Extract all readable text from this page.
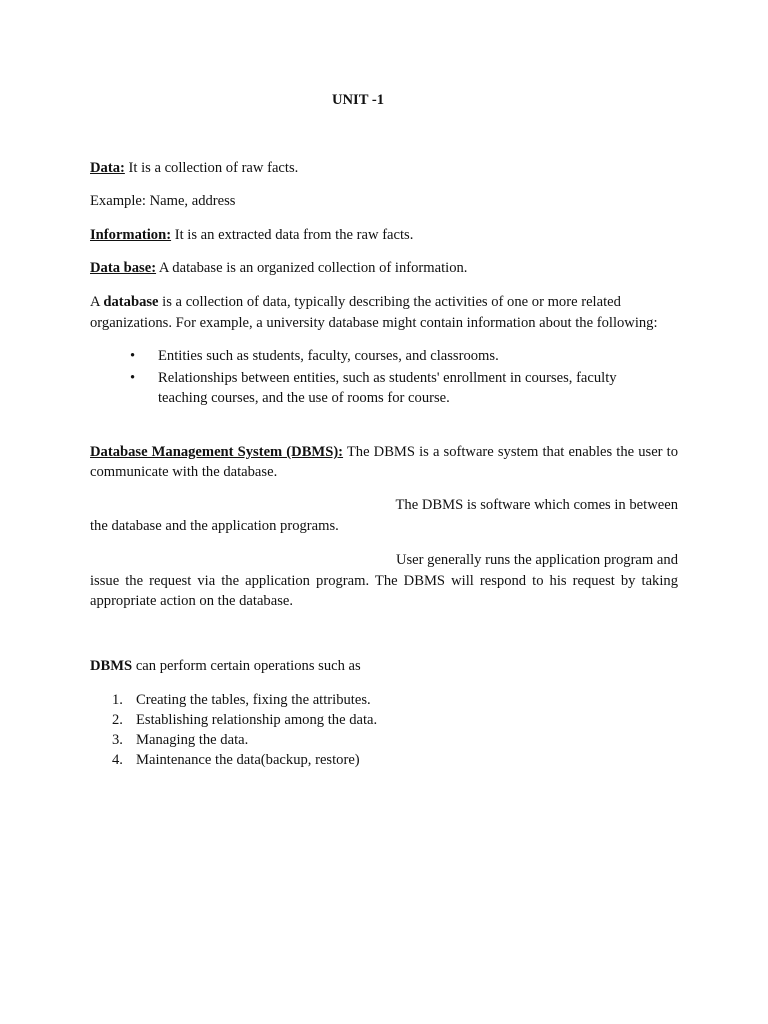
UNIT -1
Data: It is a collection of raw facts.
Example: Name, address
Information: It is an extracted data from the raw facts.
Data base: A database is an organized collection of information.
A database is a collection of data, typically describing the activities of one or more related
organizations. For example, a university database might contain information about the following:
• Entities such as students, faculty, courses, and classrooms.
• Relationships between entities, such as students' enrollment in courses, faculty teaching courses, and the use of rooms for course.
Database Management System (DBMS): The DBMS is a software system that enables the user to communicate with the database.
The DBMS is software which comes in between
the database and the application programs.
User generally runs the application program and
issue the request via the application program. The DBMS will respond to his request by taking appropriate action on the database.
DBMS can perform certain operations such as
1. Creating the tables, fixing the attributes.
2. Establishing relationship among the data.
3. Managing the data.
4. Maintenance the data(backup, restore)
